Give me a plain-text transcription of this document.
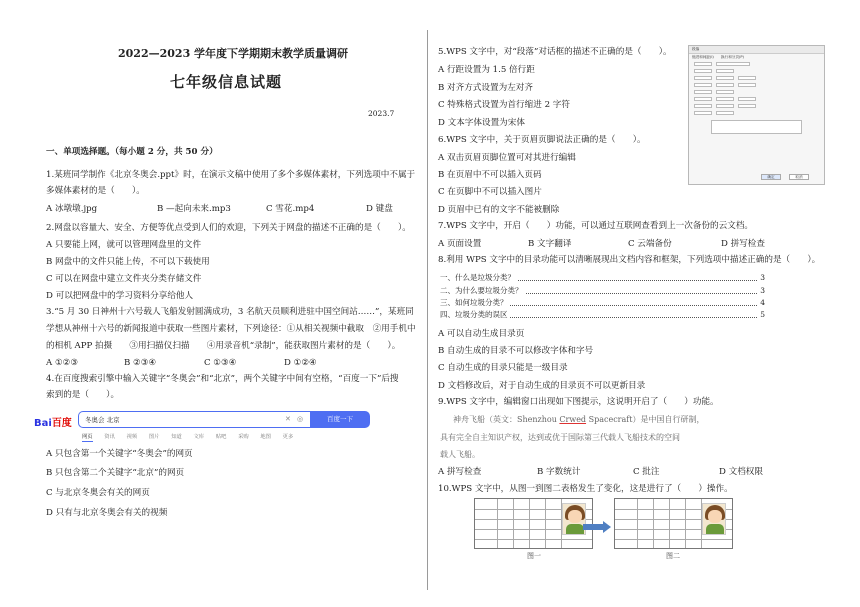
2022—2023 学年度下学期期末教学质量调研
七年级信息试题
2023.7
一、单项选择题。（每小题 2 分，共 50 分）
1.某班同学制作《北京冬奥会.ppt》时，在演示文稿中使用了多个多媒体素材，下列选项中不属于
多媒体素材的是（　　）。
A 冰墩墩.jpg	B —起向未来.mp3	C 雪花.mp4	D 键盘
2.网盘以容量大、安全、方便等优点受到人们的欢迎，下列关于网盘的描述不正确的是（　　）。
A 只要能上网，就可以管理网盘里的文件
B 网盘中的文件只能上传，不可以下载使用
C 可以在网盘中建立文件夹分类存储文件
D 可以把网盘中的学习资料分享给他人
3.“5 月 30 日神州十六号载人飞船发射圆满成功，3 名航天员顺利进驻中国空间站……”，某班同
学想从神州十六号的新闻报道中获取一些图片素材，下列途径：①从相关视频中截取　②用手机中
的相机 APP 拍摄　　③用扫描仪扫描　　④用录音机“录制”，能获取图片素材的是（　　）。
A ①②③	B ②③④	C ①③④	D ①②④
4.在百度搜索引擎中输入关键字“冬奥会”和“北京”，两个关键字中间有空格，“百度一下”后搜
索到的是（　　）。
Bai百度	冬奥会 北京	✕ ◎	百度一下
网页 资讯 视频 图片 知道 文库 贴吧 采购 地图 更多
A 只包含第一个关键字“冬奥会”的网页
B 只包含第二个关键字“北京”的网页
C 与北京冬奥会有关的网页
D 只有与北京冬奥会有关的视频
5.WPS 文字中，对“段落”对话框的描述不正确的是（　　）。
A 行距设置为 1.5 倍行距
B 对齐方式设置为左对齐
C 特殊格式设置为首行缩进 2 字符
D 文本字体设置为宋体
段落
缩进和间距(I)　　换行和分页(P)
确定	取消
6.WPS 文字中，关于页眉页脚说法正确的是（　　）。
A 双击页眉页脚位置可对其进行编辑
B 在页眉中不可以插入页码
C 在页脚中不可以插入图片
D 页眉中已有的文字不能被删除
7.WPS 文字中，开启（　　）功能，可以通过互联网查看到上一次备份的云文档。
A 页面设置	B 文字翻译	C 云端备份	D 拼写检查
8.利用 WPS 文字中的目录功能可以清晰展现出文档内容和框架，下列选项中描述正确的是（　　）。
一、什么是垃圾分类？	3
二、为什么要垃圾分类？	3
三、如何垃圾分类？	4
四、垃圾分类的误区	5
A 可以自动生成目录页
B 自动生成的目录不可以修改字体和字号
C 自动生成的目录只能是一级目录
D 文档修改后，对于自动生成的目录页不可以更新目录
9.WPS 文字中，编辑窗口出现如下图提示，这说明开启了（　　）功能。
神舟飞船（英文：Shenzhou Crwed Spacecraft）是中国自行研制，
具有完全自主知识产权，达到或优于国际第三代载人飞船技术的空间
载人飞船。
A 拼写检查	B 字数统计	C 批注	D 文档权限
10.WPS 文字中，从图一到图二表格发生了变化，这是进行了（　　）操作。
图一	图二
